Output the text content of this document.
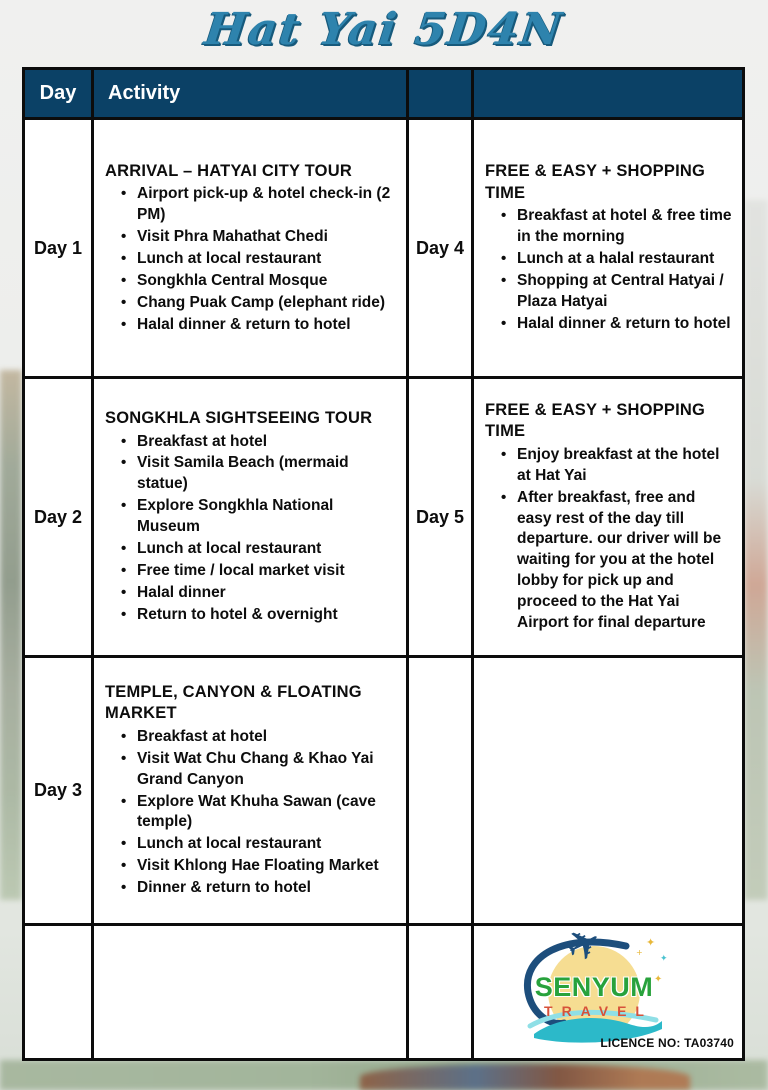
Hat Yai 5D4N
Day Activity
Day 1
ARRIVAL – HATYAI CITY TOUR
• Airport pick-up & hotel check-in (2 PM)
• Visit Phra Mahathat Chedi
• Lunch at local restaurant
• Songkhla Central Mosque
• Chang Puak Camp (elephant ride)
• Halal dinner & return to hotel
Day 4
FREE & EASY + SHOPPING TIME
• Breakfast at hotel & free time in the morning
• Lunch at a halal restaurant
• Shopping at Central Hatyai / Plaza Hatyai
• Halal dinner & return to hotel
Day 2
SONGKHLA SIGHTSEEING TOUR
• Breakfast at hotel
• Visit Samila Beach (mermaid statue)
• Explore Songkhla National Museum
• Lunch at local restaurant
• Free time / local market visit
• Halal dinner
• Return to hotel & overnight
Day 5
FREE & EASY + SHOPPING TIME
• Enjoy breakfast at the hotel at Hat Yai
• After breakfast, free and easy rest of the day till departure. our driver will be waiting for you at the hotel lobby for pick up and proceed to the Hat Yai Airport for final departure
Day 3
TEMPLE, CANYON & FLOATING MARKET
• Breakfast at hotel
• Visit Wat Chu Chang & Khao Yai Grand Canyon
• Explore Wat Khuha Sawan (cave temple)
• Lunch at local restaurant
• Visit Khlong Hae Floating Market
• Dinner & return to hotel
✈
SENYUM
TRAVEL
✦
✦
✦
+
LICENCE NO: TA03740
